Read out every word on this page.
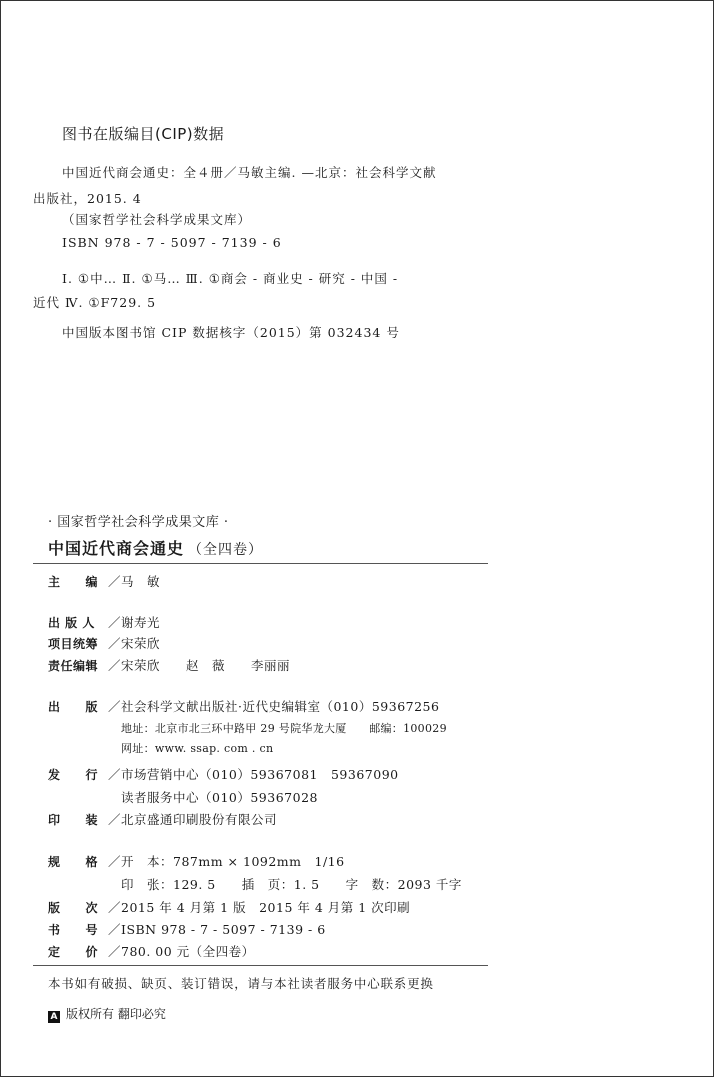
图书在版编目(CIP)数据
中国近代商会通史：全４册／马敏主编. —北京：社会科学文献
出版社，2015. 4
（国家哲学社会科学成果文库）
ISBN 978 - 7 - 5097 - 7139 - 6
Ⅰ. ①中… Ⅱ. ①马… Ⅲ. ①商会 - 商业史 - 研究 - 中国 -
近代 Ⅳ. ①F729. 5
中国版本图书馆 CIP 数据核字（2015）第 032434 号
· 国家哲学社会科学成果文库 ·
中国近代商会通史 （全四卷）
主　　编 ／马　敏
出 版 人 ／谢寿光
项目统筹 ／宋荣欣
责任编辑 ／宋荣欣　　赵　薇　　李丽丽
出　　版 ／社会科学文献出版社·近代史编辑室（010）59367256
地址：北京市北三环中路甲 29 号院华龙大厦　　邮编：100029
网址：www. ssap. com . cn
发　　行 ／市场营销中心（010）59367081　59367090
读者服务中心（010）59367028
印　　装 ／北京盛通印刷股份有限公司
规　　格 ／开　本：787mm × 1092mm　1/16
印　张：129. 5　　插　页：1. 5　　字　数：2093 千字
版　　次 ／2015 年 4 月第 1 版　2015 年 4 月第 1 次印刷
书　　号 ／ISBN 978 - 7 - 5097 - 7139 - 6
定　　价 ／780. 00 元（全四卷）
本书如有破损、缺页、装订错误，请与本社读者服务中心联系更换
A 版权所有 翻印必究
